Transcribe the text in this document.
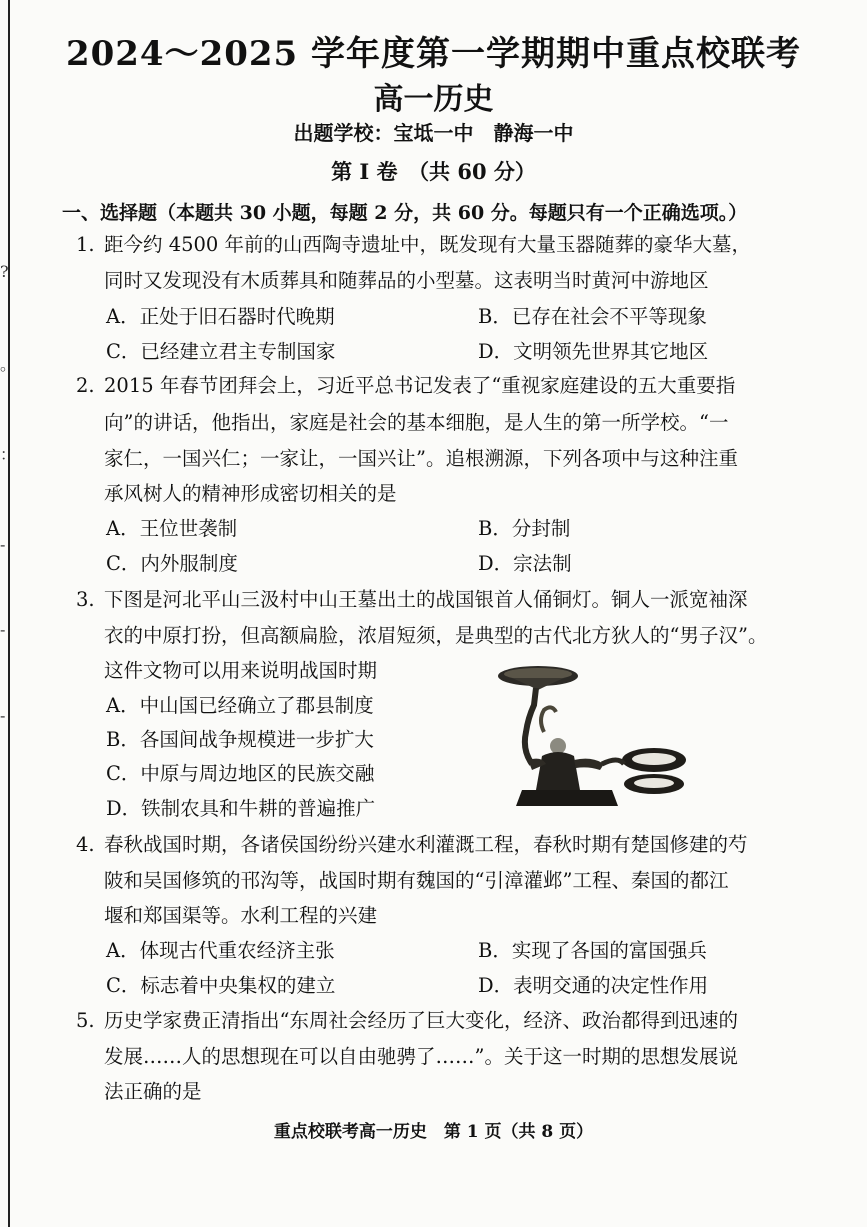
?
。
：
-
-
-
2024～2025 学年度第一学期期中重点校联考
高一历史
出题学校：宝坻一中　静海一中
第 Ⅰ 卷　（共 60 分）
一、选择题（本题共 30 小题，每题 2 分，共 60 分。每题只有一个正确选项。）
1. 距今约 4500 年前的山西陶寺遗址中，既发现有大量玉器随葬的豪华大墓，
同时又发现没有木质葬具和随葬品的小型墓。这表明当时黄河中游地区
A．正处于旧石器时代晚期	B．已存在社会不平等现象
C．已经建立君主专制国家	D．文明领先世界其它地区
2. 2015 年春节团拜会上，习近平总书记发表了“重视家庭建设的五大重要指
向”的讲话，他指出，家庭是社会的基本细胞，是人生的第一所学校。“一
家仁，一国兴仁；一家让，一国兴让”。追根溯源，下列各项中与这种注重
承风树人的精神形成密切相关的是
A．王位世袭制	B．分封制
C．内外服制度	D．宗法制
3. 下图是河北平山三汲村中山王墓出土的战国银首人俑铜灯。铜人一派宽袖深
衣的中原打扮，但高额扁脸，浓眉短须，是典型的古代北方狄人的“男子汉”。
这件文物可以用来说明战国时期
A．中山国已经确立了郡县制度
B．各国间战争规模进一步扩大
C．中原与周边地区的民族交融
D．铁制农具和牛耕的普遍推广
4. 春秋战国时期，各诸侯国纷纷兴建水利灌溉工程，春秋时期有楚国修建的芍
陂和吴国修筑的邗沟等，战国时期有魏国的“引漳灌邺”工程、秦国的都江
堰和郑国渠等。水利工程的兴建
A．体现古代重农经济主张	B．实现了各国的富国强兵
C．标志着中央集权的建立	D．表明交通的决定性作用
5. 历史学家费正清指出“东周社会经历了巨大变化，经济、政治都得到迅速的
发展……人的思想现在可以自由驰骋了……”。关于这一时期的思想发展说
法正确的是
重点校联考高一历史　第 1 页（共 8 页）
